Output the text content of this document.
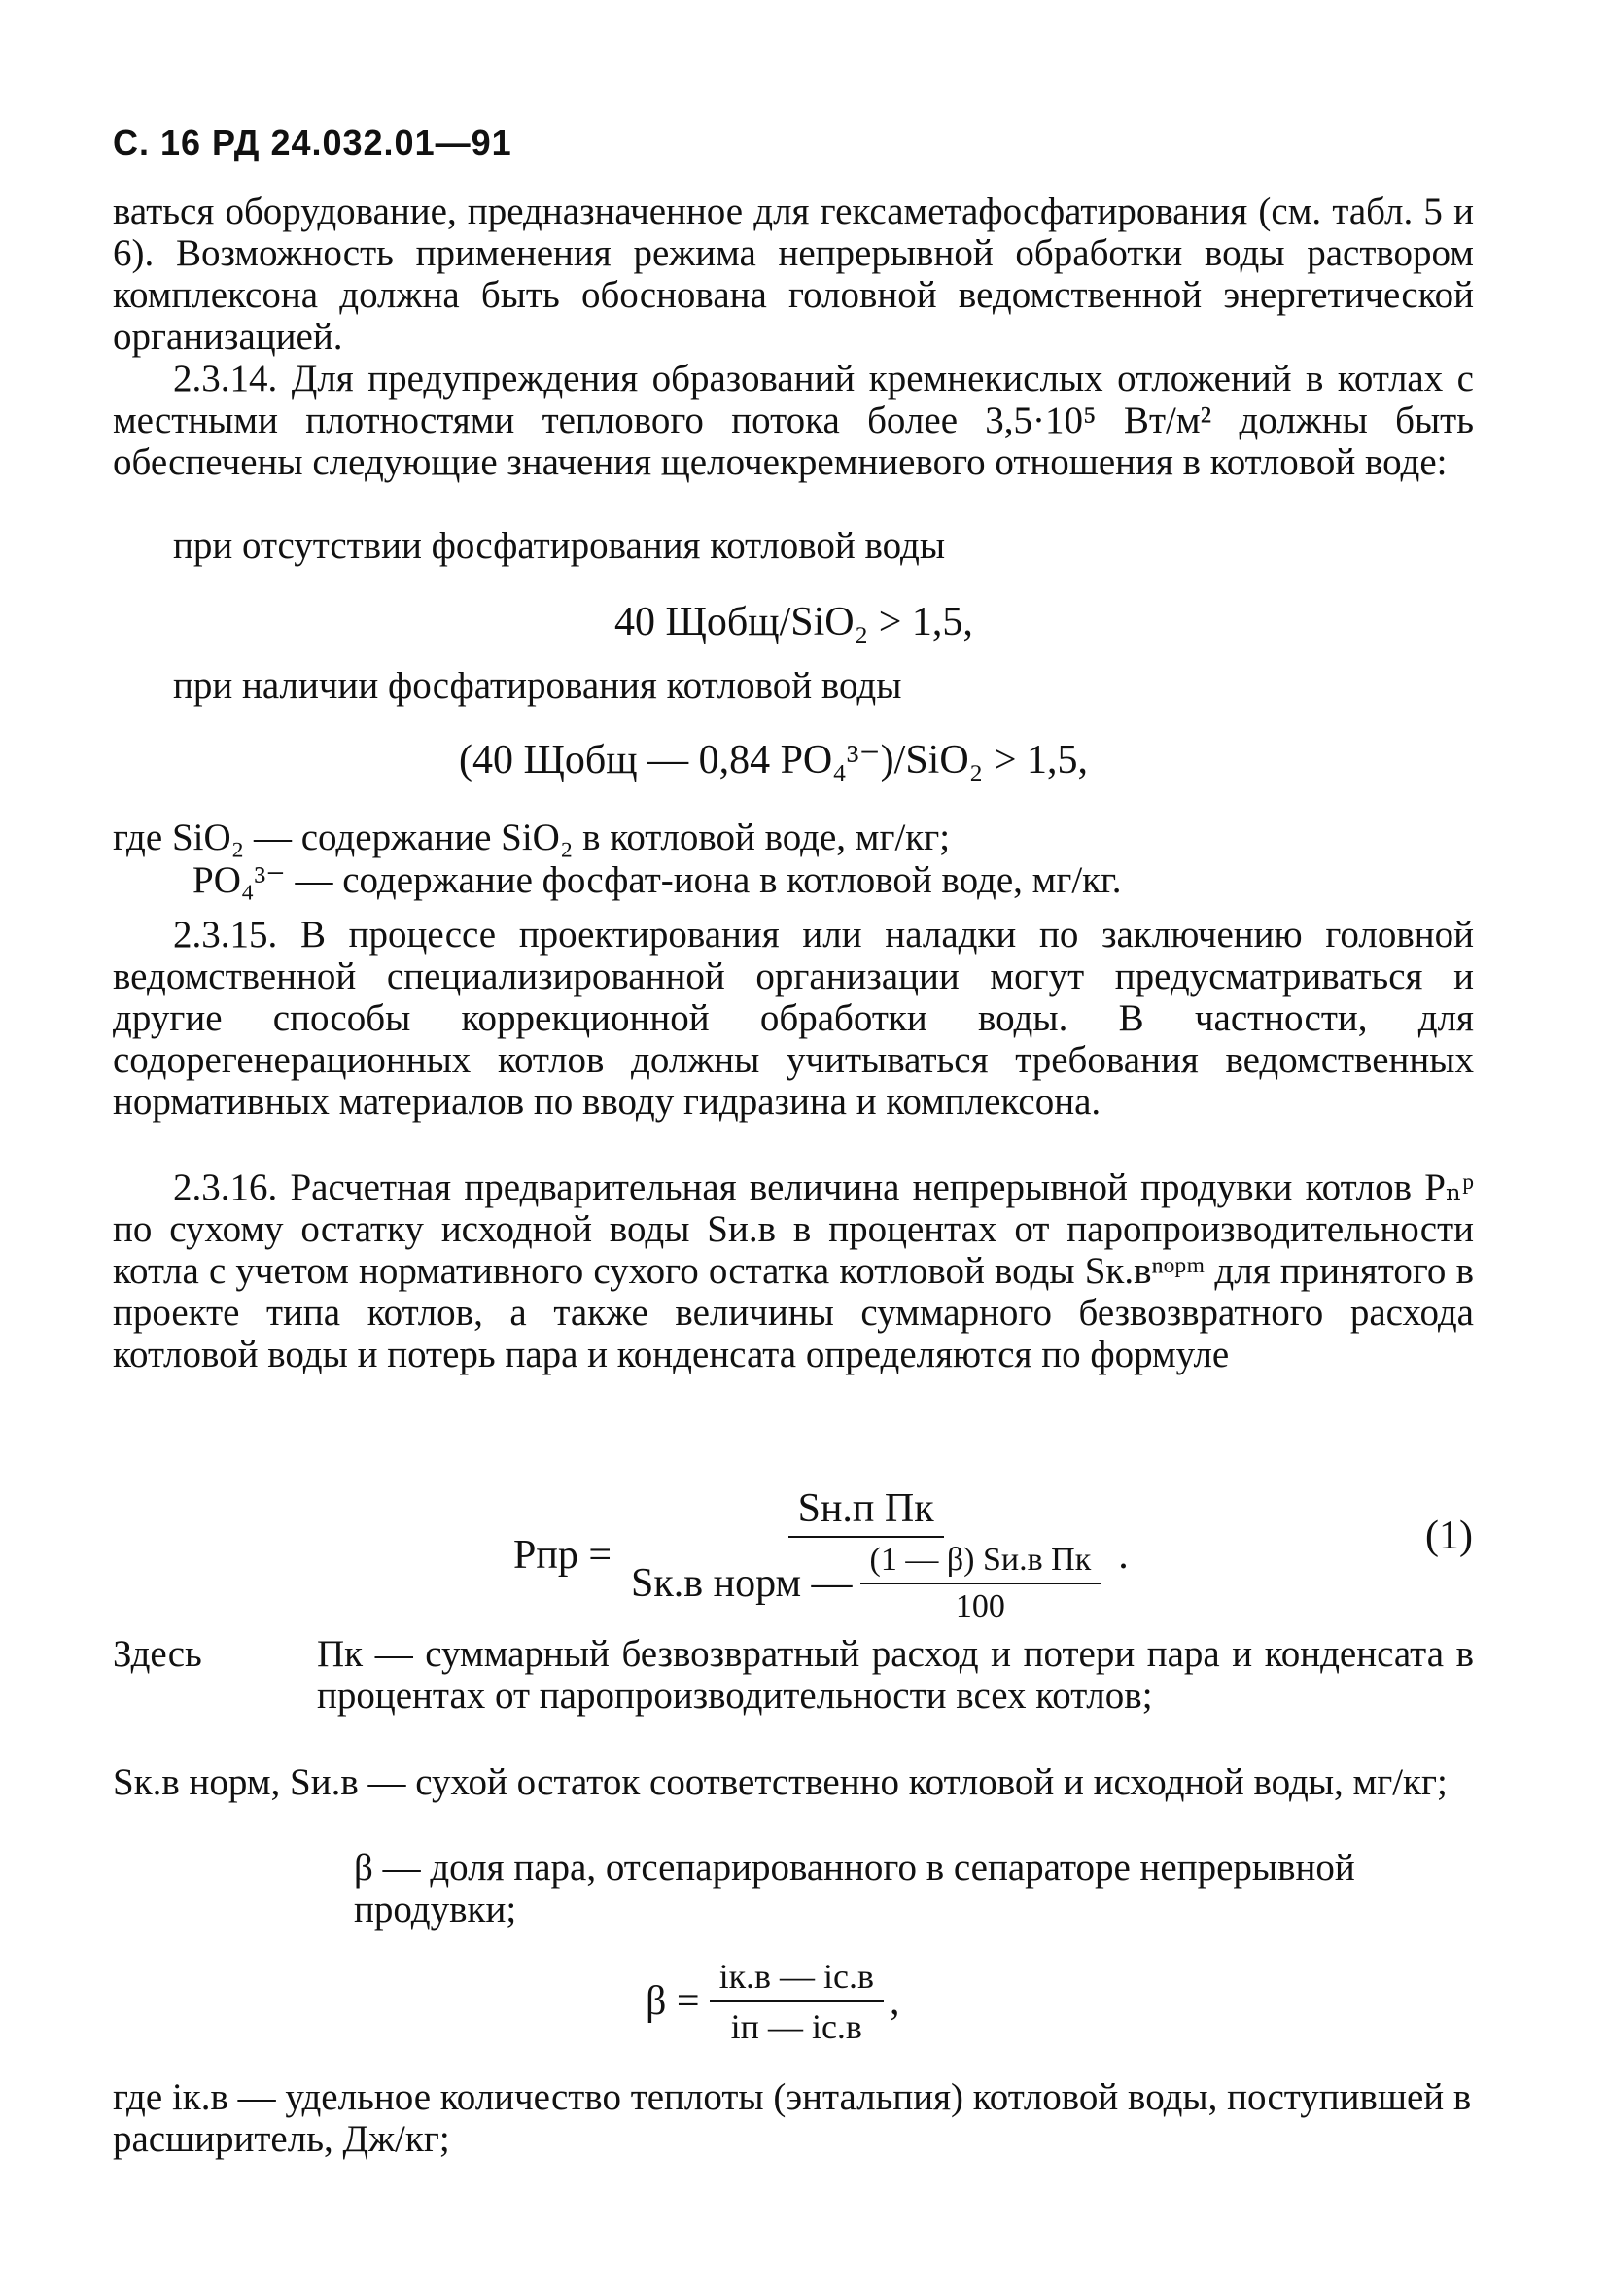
С. 16 РД 24.032.01—91

ваться оборудование, предназначенное для гексаметафосфатирования (см. табл. 5 и 6). Возможность применения режима непрерывной обработки воды раствором комплексона должна быть обоснована головной ведомственной энергетической организацией.

2.3.14. Для предупреждения образований кремнекислых отложений в котлах с местными плотностями теплового потока более 3,5·10⁵ Вт/м² должны быть обеспечены следующие значения щелочекремниевого отношения в котловой воде:

при отсутствии фосфатирования котловой воды

40 Щобщ/SiO₂ > 1,5,

при наличии фосфатирования котловой воды

(40 Щобщ — 0,84 PO₄³⁻)/SiO₂ > 1,5,
где SiO₂ — содержание SiO₂ в котловой воде, мг/кг;
PO₄³⁻ — содержание фосфат-иона в котловой воде, мг/кг.

2.3.15. В процессе проектирования или наладки по заключению головной ведомственной специализированной организации могут предусматриваться и другие способы коррекционной обработки воды. В частности, для содорегенерационных котлов должны учитываться требования ведомственных нормативных материалов по вводу гидразина и комплексона.

2.3.16. Расчетная предварительная величина непрерывной продувки котлов Pₙᵖ по сухому остатку исходной воды Sи.в в процентах от паропроизводительности котла с учетом нормативного сухого остатка котловой воды Sк.вⁿᵒᵖᵐ для принятого в проекте типа котлов, а также величины суммарного безвозвратного расхода котловой воды и потерь пара и конденсата определяются по формуле

Pпр = $\frac{\text{Sн.п Пк}}{Sк.в норм — \frac{\text{(1 — β) Sи.в Пк}}{100}}$ .	(1)
Здесь	Пк — суммарный безвозвратный расход и потери пара и конденсата в процентах от паропроизводительности всех котлов;
Sк.в норм, Sи.в — сухой остаток соответственно котловой и исходной воды, мг/кг;
β — доля пара, отсепарированного в сепараторе непрерывной продувки;
$\beta = \frac{iк.в — iс.в}{iп — iс.в}$ ,
где iк.в — удельное количество теплоты (энтальпия) котловой воды, поступившей в расширитель, Дж/кг;
